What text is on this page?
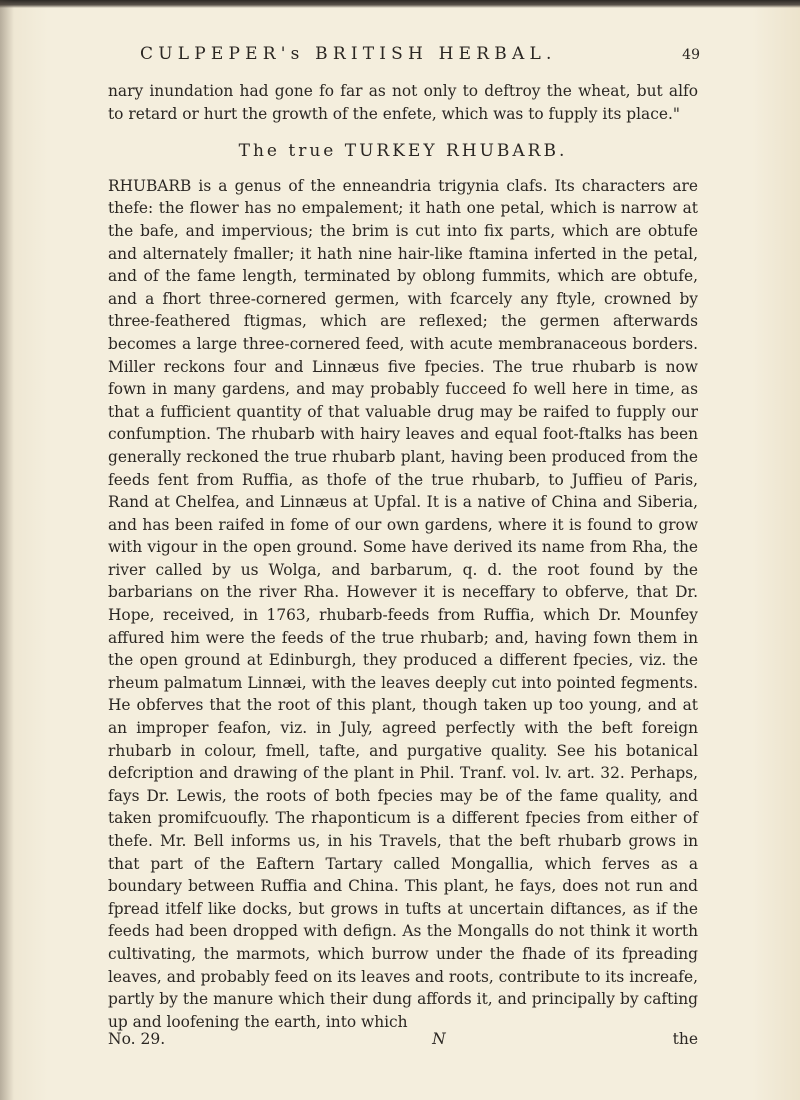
CULPEPER's BRITISH HERBAL.	49

nary inundation had gone fo far as not only to deftroy the wheat, but alfo to retard or hurt the growth of the enfete, which was to fupply its place."

The true TURKEY RHUBARB.

RHUBARB is a genus of the enneandria trigynia clafs. Its characters are thefe: the flower has no empalement; it hath one petal, which is narrow at the bafe, and impervious; the brim is cut into fix parts, which are obtufe and alternately fmaller; it hath nine hair-like ftamina inferted in the petal, and of the fame length, terminated by oblong fummits, which are obtufe, and a fhort three-cornered germen, with fcarcely any ftyle, crowned by three-feathered ftigmas, which are reflexed; the germen afterwards becomes a large three-cornered feed, with acute membranaceous borders. Miller reckons four and Linnæus five fpecies. The true rhubarb is now fown in many gardens, and may probably fucceed fo well here in time, as that a fufficient quantity of that valuable drug may be raifed to fupply our confumption. The rhubarb with hairy leaves and equal foot-ftalks has been generally reckoned the true rhubarb plant, having been produced from the feeds fent from Ruffia, as thofe of the true rhubarb, to Juffieu of Paris, Rand at Chelfea, and Linnæus at Upfal. It is a native of China and Siberia, and has been raifed in fome of our own gardens, where it is found to grow with vigour in the open ground. Some have derived its name from Rha, the river called by us Wolga, and barbarum, q. d. the root found by the barbarians on the river Rha. However it is neceffary to obferve, that Dr. Hope, received, in 1763, rhubarb-feeds from Ruffia, which Dr. Mounfey affured him were the feeds of the true rhubarb; and, having fown them in the open ground at Edinburgh, they produced a different fpecies, viz. the rheum palmatum Linnæi, with the leaves deeply cut into pointed fegments. He obferves that the root of this plant, though taken up too young, and at an improper feafon, viz. in July, agreed perfectly with the beft foreign rhubarb in colour, fmell, tafte, and purgative quality. See his botanical defcription and drawing of the plant in Phil. Tranf. vol. lv. art. 32. Perhaps, fays Dr. Lewis, the roots of both fpecies may be of the fame quality, and taken promifcuoufly. The rhaponticum is a different fpecies from either of thefe. Mr. Bell informs us, in his Travels, that the beft rhubarb grows in that part of the Eaftern Tartary called Mongallia, which ferves as a boundary between Ruffia and China. This plant, he fays, does not run and fpread itfelf like docks, but grows in tufts at uncertain diftances, as if the feeds had been dropped with defign. As the Mongalls do not think it worth cultivating, the marmots, which burrow under the fhade of its fpreading leaves, and probably feed on its leaves and roots, contribute to its increafe, partly by the manure which their dung affords it, and principally by cafting up and loofening the earth, into which

No. 29.	N	the
